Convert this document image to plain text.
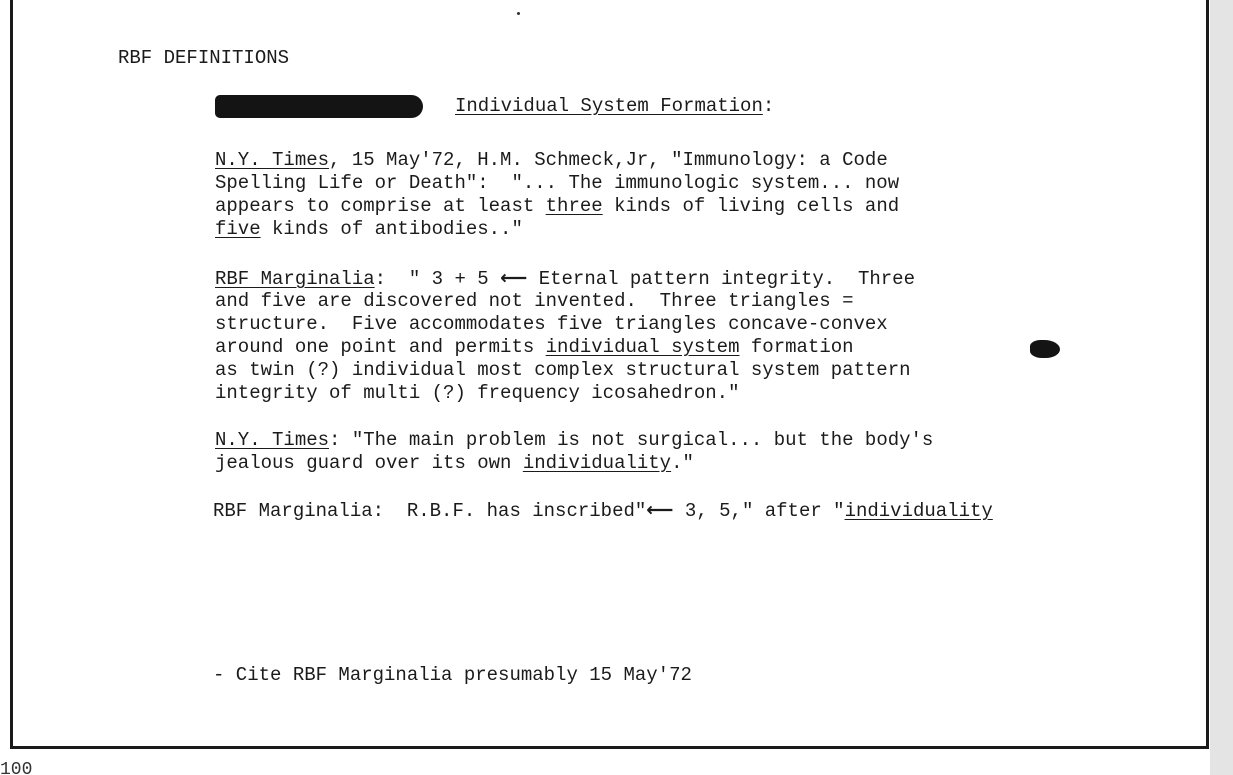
RBF DEFINITIONS

Individual System Formation:

N.Y. Times, 15 May'72, H.M. Schmeck,Jr, "Immunology: a Code

Spelling Life or Death":  "... The immunologic system... now

appears to comprise at least three kinds of living cells and

five kinds of antibodies.."

RBF Marginalia:  " 3 + 5 ⟵ Eternal pattern integrity.  Three

and five are discovered not invented.  Three triangles =

structure.  Five accommodates five triangles concave-convex

around one point and permits individual system formation

as twin (?) individual most complex structural system pattern

integrity of multi (?) frequency icosahedron."

N.Y. Times: "The main problem is not surgical... but the body's

jealous guard over its own individuality."

RBF Marginalia:  R.B.F. has inscribed"⟵ 3, 5," after "individuality

- Cite RBF Marginalia presumably 15 May'72

100
